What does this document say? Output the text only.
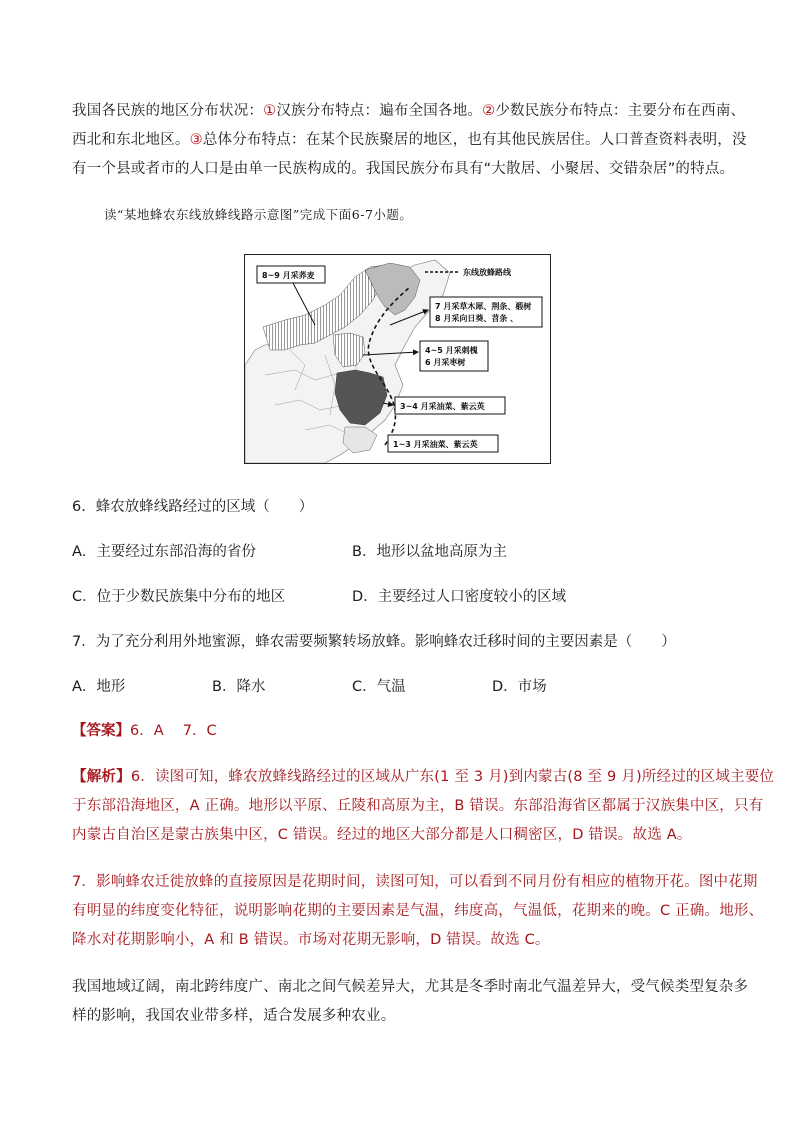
我国各民族的地区分布状况：①汉族分布特点：遍布全国各地。②少数民族分布特点：主要分布在西南、
西北和东北地区。③总体分布特点：在某个民族聚居的地区，也有其他民族居住。人口普查资料表明，没
有一个县或者市的人口是由单一民族构成的。我国民族分布具有“大散居、小聚居、交错杂居”的特点。
读“某地蜂农东线放蜂线路示意图”完成下面6-7小题。
东线放蜂路线
8~9 月采荞麦
7 月采草木犀、荆条、椴树
8 月采向日葵、苕条 、
4~5 月采刺槐
6 月采枣树
3~4 月采油菜、紫云英
1~3 月采油菜、紫云英
6．蜂农放蜂线路经过的区域（　　）
A．主要经过东部沿海的省份	B．地形以盆地高原为主
C．位于少数民族集中分布的地区	D．主要经过人口密度较小的区域
7．为了充分利用外地蜜源，蜂农需要频繁转场放蜂。影响蜂农迁移时间的主要因素是（　　）
A．地形	B．降水	C．气温	D．市场
【答案】6．A　 7．C
【解析】6．读图可知，蜂农放蜂线路经过的区域从广东(1 至 3 月)到内蒙古(8 至 9 月)所经过的区域主要位
于东部沿海地区，A 正确。地形以平原、丘陵和高原为主，B 错误。东部沿海省区都属于汉族集中区，只有
内蒙古自治区是蒙古族集中区，C 错误。经过的地区大部分都是人口稠密区，D 错误。故选 A。
7．影响蜂农迁徙放蜂的直接原因是花期时间，读图可知，可以看到不同月份有相应的植物开花。图中花期
有明显的纬度变化特征，说明影响花期的主要因素是气温，纬度高，气温低，花期来的晚。C 正确。地形、
降水对花期影响小，A 和 B 错误。市场对花期无影响，D 错误。故选 C。
我国地域辽阔，南北跨纬度广、南北之间气候差异大，尤其是冬季时南北气温差异大，受气候类型复杂多
样的影响，我国农业带多样，适合发展多种农业。
